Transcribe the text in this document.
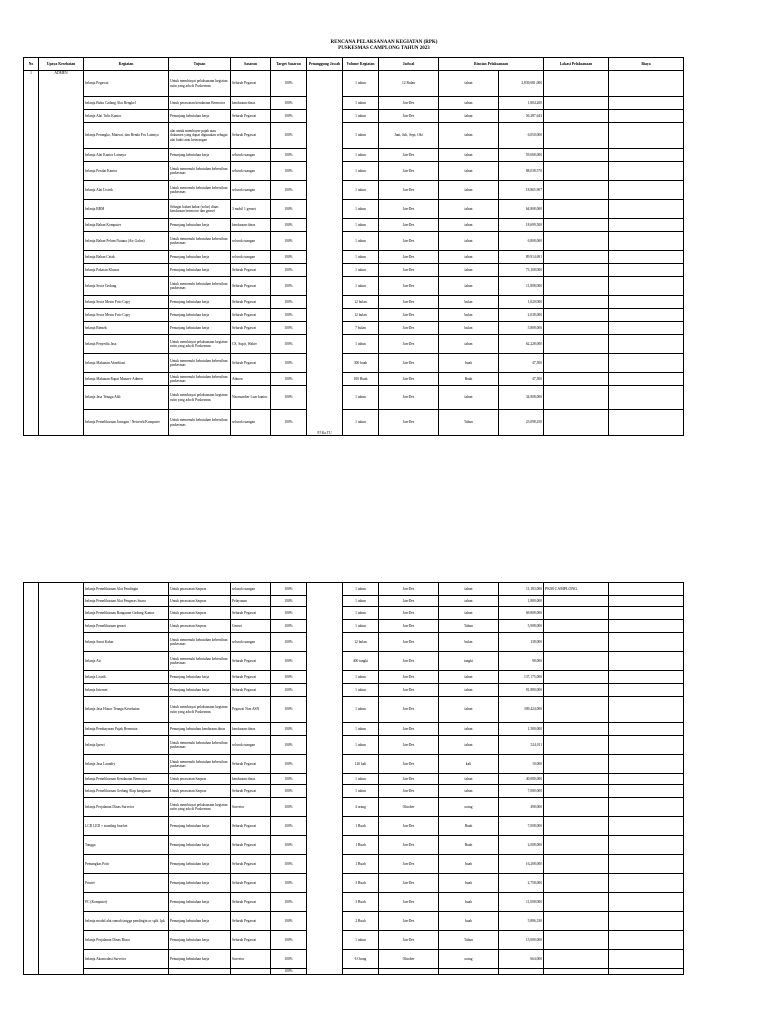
RENCANA PELAKSANAAN KEGIATAN (RPK)
PUSKESMAS CAMPLONG TAHUN 2023
No	Upaya Kesehatan	Kegiatan	Tujuan	Sasaran	Target Sasaran	Penanggung Jawab	Volume Kegiatan	Jadwal	Rincian Pelaksanaan		Lokasi Pelaksanaan	Biaya
1	ADMEN	belanja Pegawai	Untuk membiayai pelaksanaan kegiatan rutin yang ada di Puskesmas	Seluruh Pegawai	100%	PJ Ka.TU	1 tahun	12 Bulan	tahun	2,839,681,000		
		belanja Buku Cadang Alat Bengkel	Untuk perawatan kendaraan Bermotor	kendaraan dinas	100%		1 tahun	Jan-Des	tahun	1,804,200		
		belanja Alat Tulis Kantor	Penunjang kebutuhan kerja	Seluruh Pegawai	100%		1 tahun	Jan-Des	tahun	56,387,643		
		belanja Perangko, Materai, dan Benda Pos Lainnya	alat untuk membayar pajak atau dokumen yang dapat digunakan sebagai alat bukti atau keterangan	Seluruh Pegawai	100%		1 tahun	Juni, Juli, Sept, Okt	tahun	6,050,000		
		belanja Alat Kantor Lainnya	Penunjang kebutuhan kerja	seluruh ruangan	100%		1 tahun	Jan-Des	tahun	59,068,000		
		belanja Peralat Kantor	Untuk memenuhi kebutuhan kebersihan puskesmas	seluruh ruangan	100%		1 tahun	Jan-Des	tahun	88,038,570		
		belanja Alat Listrik	Untuk memenuhi kebutuhan kebersihan puskesmas	seluruh ruangan	100%		1 tahun	Jan-Des	tahun	18,865,907		
		belanja BBM	Sebagai bahan bakar (solar) dinas kendaraan bermotor dan genset	3 mobil 1 genset	100%		1 tahun	Jan-Des	tahun	64,808,000		
		belanja Bahan Komputer	Penunjang kebutuhan kerja	kendaraan dinas	100%		1 tahun	Jan-Des	tahun	18,699,500		
		belanja Bahan Pelum Nutana (Air Galon)	Untuk memenuhi kebutuhan kebersihan puskesmas	seluruh ruangan	100%		1 tahun	Jan-Des	tahun	6,808,000		
		belanja Bahan Cetak	Penunjang kebutuhan kerja	seluruh ruangan	100%		1 tahun	Jan-Des	tahun	89,914,691		
		belanja Pakaian Khusus	Penunjang kebutuhan kerja	Seluruh Pegawai	100%		1 tahun	Jan-Des	tahun	73,108,000		
		belanja Sewa Gedung	Untuk memenuhi kebutuhan kebersihan puskesmas	Seluruh Pegawai	100%		1 tahun	Jan-Des	tahun	11,808,000		
		belanja Sewa Mesin Foto Copy	Penunjang kebutuhan kerja	Seluruh Pegawai	100%		12 bulan	Jan-Des	bulan	1,020,000		
		belanja Sewa Mesin Foto Copy	Penunjang kebutuhan kerja	Seluruh Pegawai	100%		12 bulan	Jan-Des	bulan	2,038,000		
		belanja Bimtek	Penunjang kebutuhan kerja	Seluruh Pegawai	100%		7 bulan	Jan-Des	bulan	5,808,000		
		belanja Penyedia Jasa	Untuk membiayai pelaksanaan kegiatan rutin yang ada di Puskesmas	CS, Supir, Waker	100%		1 tahun	Jan-Des	tahun	62,228,000		
		belanja Makanan Akreditasi	Untuk memenuhi kebutuhan kebersihan puskesmas	Seluruh Pegawai	100%		300 buah	Jan-Des	buah	47,500		
		belanja Makanan Rapat Manaev Admen	Untuk memenuhi kebutuhan kebersihan puskesmas	Admen	100%		100 Buah	Jan-Des	Buah	47,500		
		belanja Jasa Tenaga Ahli	Untuk membiayai pelaksanaan kegiatan rutin yang ada di Puskesmas	Narasumber Luar kantor	100%		1 tahun	Jan-Des	tahun	34,908,000		
		belanja Pemeliharaan Jaringan / Network/Komputer	Untuk memenuhi kebutuhan kebersihan puskesmas	seluruh ruangan	100%		1 tahun	Jan-Des	Tahun	23,098,250		
		belanja Pemeliharaan Alat Pendingin	Untuk perawatan Sarpras	seluruh ruangan	100%		1 tahun	Jan-Des	tahun	11,183,000	PKM CAMPLONG	
		belanja Pemeliharaan Alat Pengeras Suara	Untuk perawatan Sarpras	Pelayanan	100%		1 tahun	Jan-Des	tahun	1,880,000		
		belanja Pemeliharaan Bangunan Gedung Kantor	Untuk perawatan Sarpras	Seluruh Pegawai	100%		1 tahun	Jan-Des	tahun	69,808,000		
		belanja Pemeliharaan genset	Untuk perawatan Sarpras	Genset	100%		1 tahun	Jan-Des	Tahun	5,908,000		
		belanja Surat Kabar	Untuk memenuhi kebutuhan kebersihan puskesmas	seluruh ruangan	100%		12 bulan	Jan-Des	bulan	138,000		
		belanja Air	Untuk memenuhi kebutuhan kebersihan puskesmas	Seluruh Pegawai	100%		400 tangki	Jan-Des	tangki	98,000		
		belanja Listrik	Penunjang kebutuhan kerja	Seluruh Pegawai	100%		1 tahun	Jan-Des	tahun	137,175,000		
		belanja Internet	Penunjang kebutuhan kerja	Seluruh Pegawai	100%		1 tahun	Jan-Des	tahun	81,880,000		
		belanja Jasa Honor Tenaga Kesehatan	Untuk membiayai pelaksanaan kegiatan rutin yang ada di Puskesmas	Pegawai Non ASN	100%		1 tahun	Jan-Des	tahun	309,424,000		
		belanja Pembayaran Pajak Bermotor	Penunjang kebutuhan kendaraan dinas	kendaraan dinas	100%		1 tahun	Jan-Des	tahun	1,580,000		
		belanja Iprezi	Untuk memenuhi kebutuhan kebersihan puskesmas	seluruh ruangan	100%		1 tahun	Jan-Des	tahun	524,011		
		belanja Jasa Laundry	Untuk memenuhi kebutuhan kebersihan puskesmas	Seluruh Pegawai	100%		120 kali	Jan-Des	kali	10,000		
		belanja Pemeliharaan Kendaraan Bermotor	Untuk perawatan Sarpras	kendaraan dinas	100%		1 tahun	Jan-Des	tahun	40,080,000		
		belanja Pemeliharaan Gedung Alap bangunan	Untuk perawatan Sarpras	Seluruh Pegawai	100%		1 tahun	Jan-Des	tahun	7,080,000		
		belanja Perjalanan Dinas Surveior	Untuk membiayai pelaksanaan kegiatan rutin yang ada di Puskesmas	Surveior	100%		4 orang	Oktober	orang	498,000		
		LCD LED + standing bracket	Penunjang kebutuhan kerja	Seluruh Pegawai	100%		1 Buah	Jan-Des	Buah	7,008,000		
		Tangga	Penunjang kebutuhan kerja	Seluruh Pegawai	100%		1 Buah	Jan-Des	Buah	2,008,000		
		Pemangkas Potir	Penunjang kebutuhan kerja	Seluruh Pegawai	100%		1 Buah	Jan-Des	buah	16,208,000		
		Printer	Penunjang kebutuhan kerja	Seluruh Pegawai	100%		3 Buah	Jan-Des	buah	2,758,000		
		PC (Komputer)	Penunjang kebutuhan kerja	Seluruh Pegawai	100%		3 Buah	Jan-Des	buah	11,008,000		
		belanja modul alat rumah tangga pendingin ac split 1pk	Penunjang kebutuhan kerja	Seluruh Pegawai	100%		2 Buah	Jan-Des	buah	5,886,330		
		belanja Perjalanan Dinas Biasa	Penunjang kebutuhan kerja	Seluruh Pegawai	100%		1 tahun	Jan-Des	Tahun	15,080,000		
		belanja Akomodasi Surveior	Penunjang kebutuhan kerja	Surveior	100%		6 Orang	Oktober	orang	664,000		
					100%							
